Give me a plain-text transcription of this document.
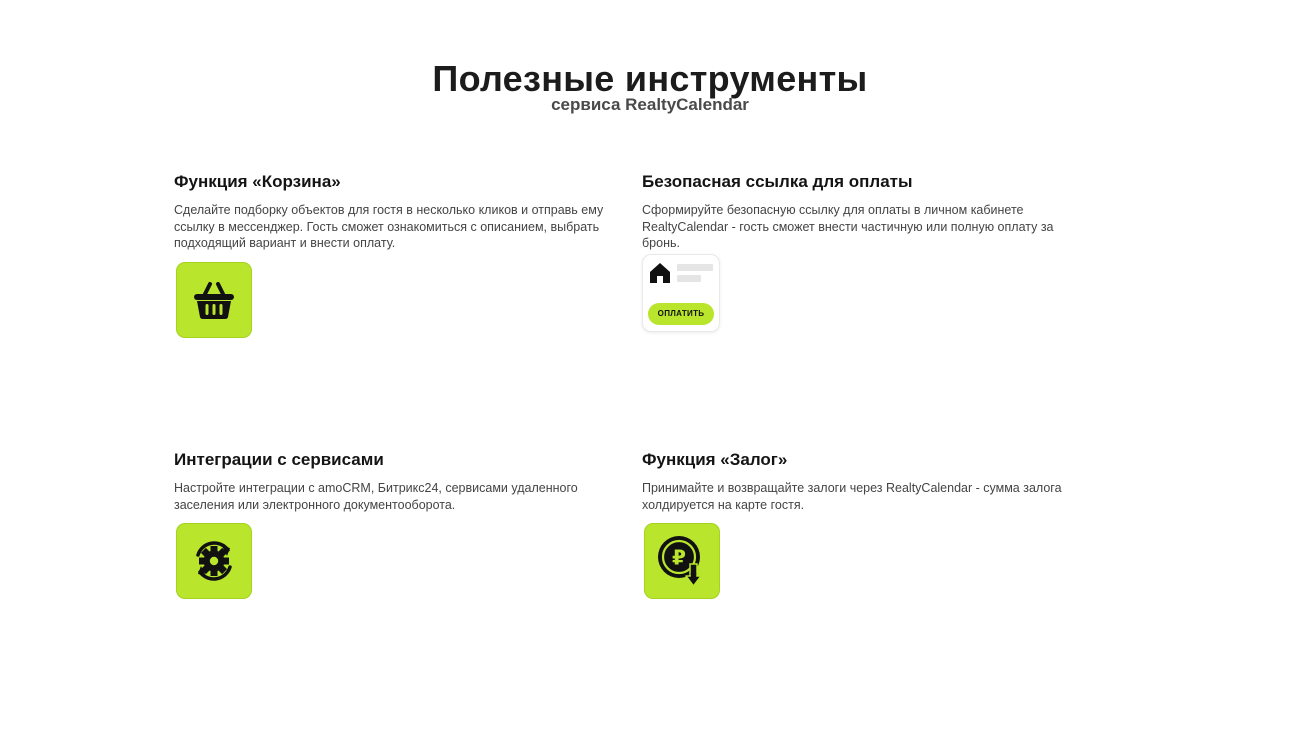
Полезные инструменты
сервиса RealtyCalendar
Функция «Корзина»

Сделайте подборку объектов для гостя в несколько кликов и отправь ему ссылку в мессенджер. Гость сможет ознакомиться с описанием, выбрать подходящий вариант и внести оплату.

Безопасная ссылка для оплаты

Сформируйте безопасную ссылку для оплаты в личном кабинете RealtyCalendar - гость сможет внести частичную или полную оплату за бронь.

ОПЛАТИТЬ
Интеграции с сервисами

Настройте интеграции с amoCRM, Битрикс24, сервисами удаленного заселения или электронного документооборота.

Функция «Залог»

Принимайте и возвращайте залоги через RealtyCalendar - сумма залога холдируется на карте гостя.

₽
